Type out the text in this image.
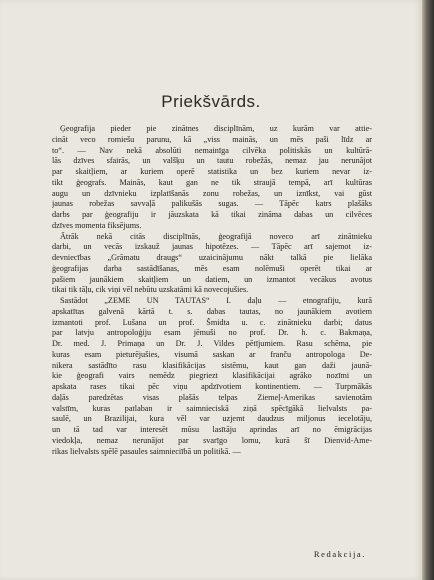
Priekšvārds.
Ģeografija pieder pie zinātnes disciplīnām, uz kurām var attie-
cināt veco romiešu parunu, kā „viss mainās, un mēs paši līdz ar
to“. — Nav nekā absolūti nemainīga cilvēka politiskās un kultūrā-
lās dzīves sfairās, un valšķu un tautu robežās, nemaz jau nerunājot
par skaitļiem, ar kuriem operē statistika un bez kuriem nevar iz-
tikt ģeografs. Mainās, kaut gan ne tik straujā tempā, arī kultūras
augu un dzīvnieku izplatīšanās zonu robežas, un iznīkst, vai gūst
jaunas robežas savvaļā palikušās sugas. — Tāpēc katrs plašāks
darbs par ģeografiju ir jāuzskata kā tikai zināma dabas un cilvēces
dzīves momenta fiksējums.
Ātrāk nekā citās disciplīnās, ģeografijā noveco arī zinātnieku
darbi, un vecās izskauž jaunas hipotēzes. — Tāpēc arī sajemot iz-
devniecības „Grāmatu draugs“ uzaicinājumu nākt talkā pie lielāka
ģeografijas darba sastādīšanas, mēs esam nolēmuši operēt tikai ar
pašiem jaunākiem skaitļiem un datiem, un izmantot vecākus avotus
tikai tik tāļu, cik viņi vēl nebūtu uzskatāmi kā novecojušies.
Sastādot „ZEME UN TAUTAS“ I. daļu — etnografiju, kurā
apskatītas galvenā kārtā t. s. dabas tautas, no jaunākiem avotiem
izmantoti prof. Lušana un prof. Šmidta u. c. zinātnieku darbi; datus
par latvju antropoloģiju esam jēmuši no prof. Dr. h. c. Bakmaņa,
Dr. med. J. Primaņa un Dr. J. Vildes pētījumiem. Rasu schēma, pie
kuras esam pieturējušies, visumā saskan ar franču antropologa De-
nikera sastādīto rasu klasifikācijas sistēmu, kaut gan daži jaunā-
kie ģeografi vairs nemēdz piegriezt klasifikācijai agrāko nozīmi un
apskata rases tikai pēc viņu apdzīvotiem kontinentiem. — Turpmākās
daļās paredzētas visas plašās telpas Ziemeļ-Amerikas savienotām
valstīm, kuras patlaban ir saimnieciskā ziņā spēcīgākā lielvalsts pa-
saulē, un Brazilijai, kura vēl var uzjemt daudzus miljonus iecelotāju,
un tā tad var interesēt mūsu lasītāju aprindas arī no ēmigrācijas
viedokļa, nemaz nerunājot par svarīgo lomu, kurā šī Dienvid-Ame-
rikas lielvalsts spēlē pasaules saimnieciībā un politikā. —
Redakcija.
